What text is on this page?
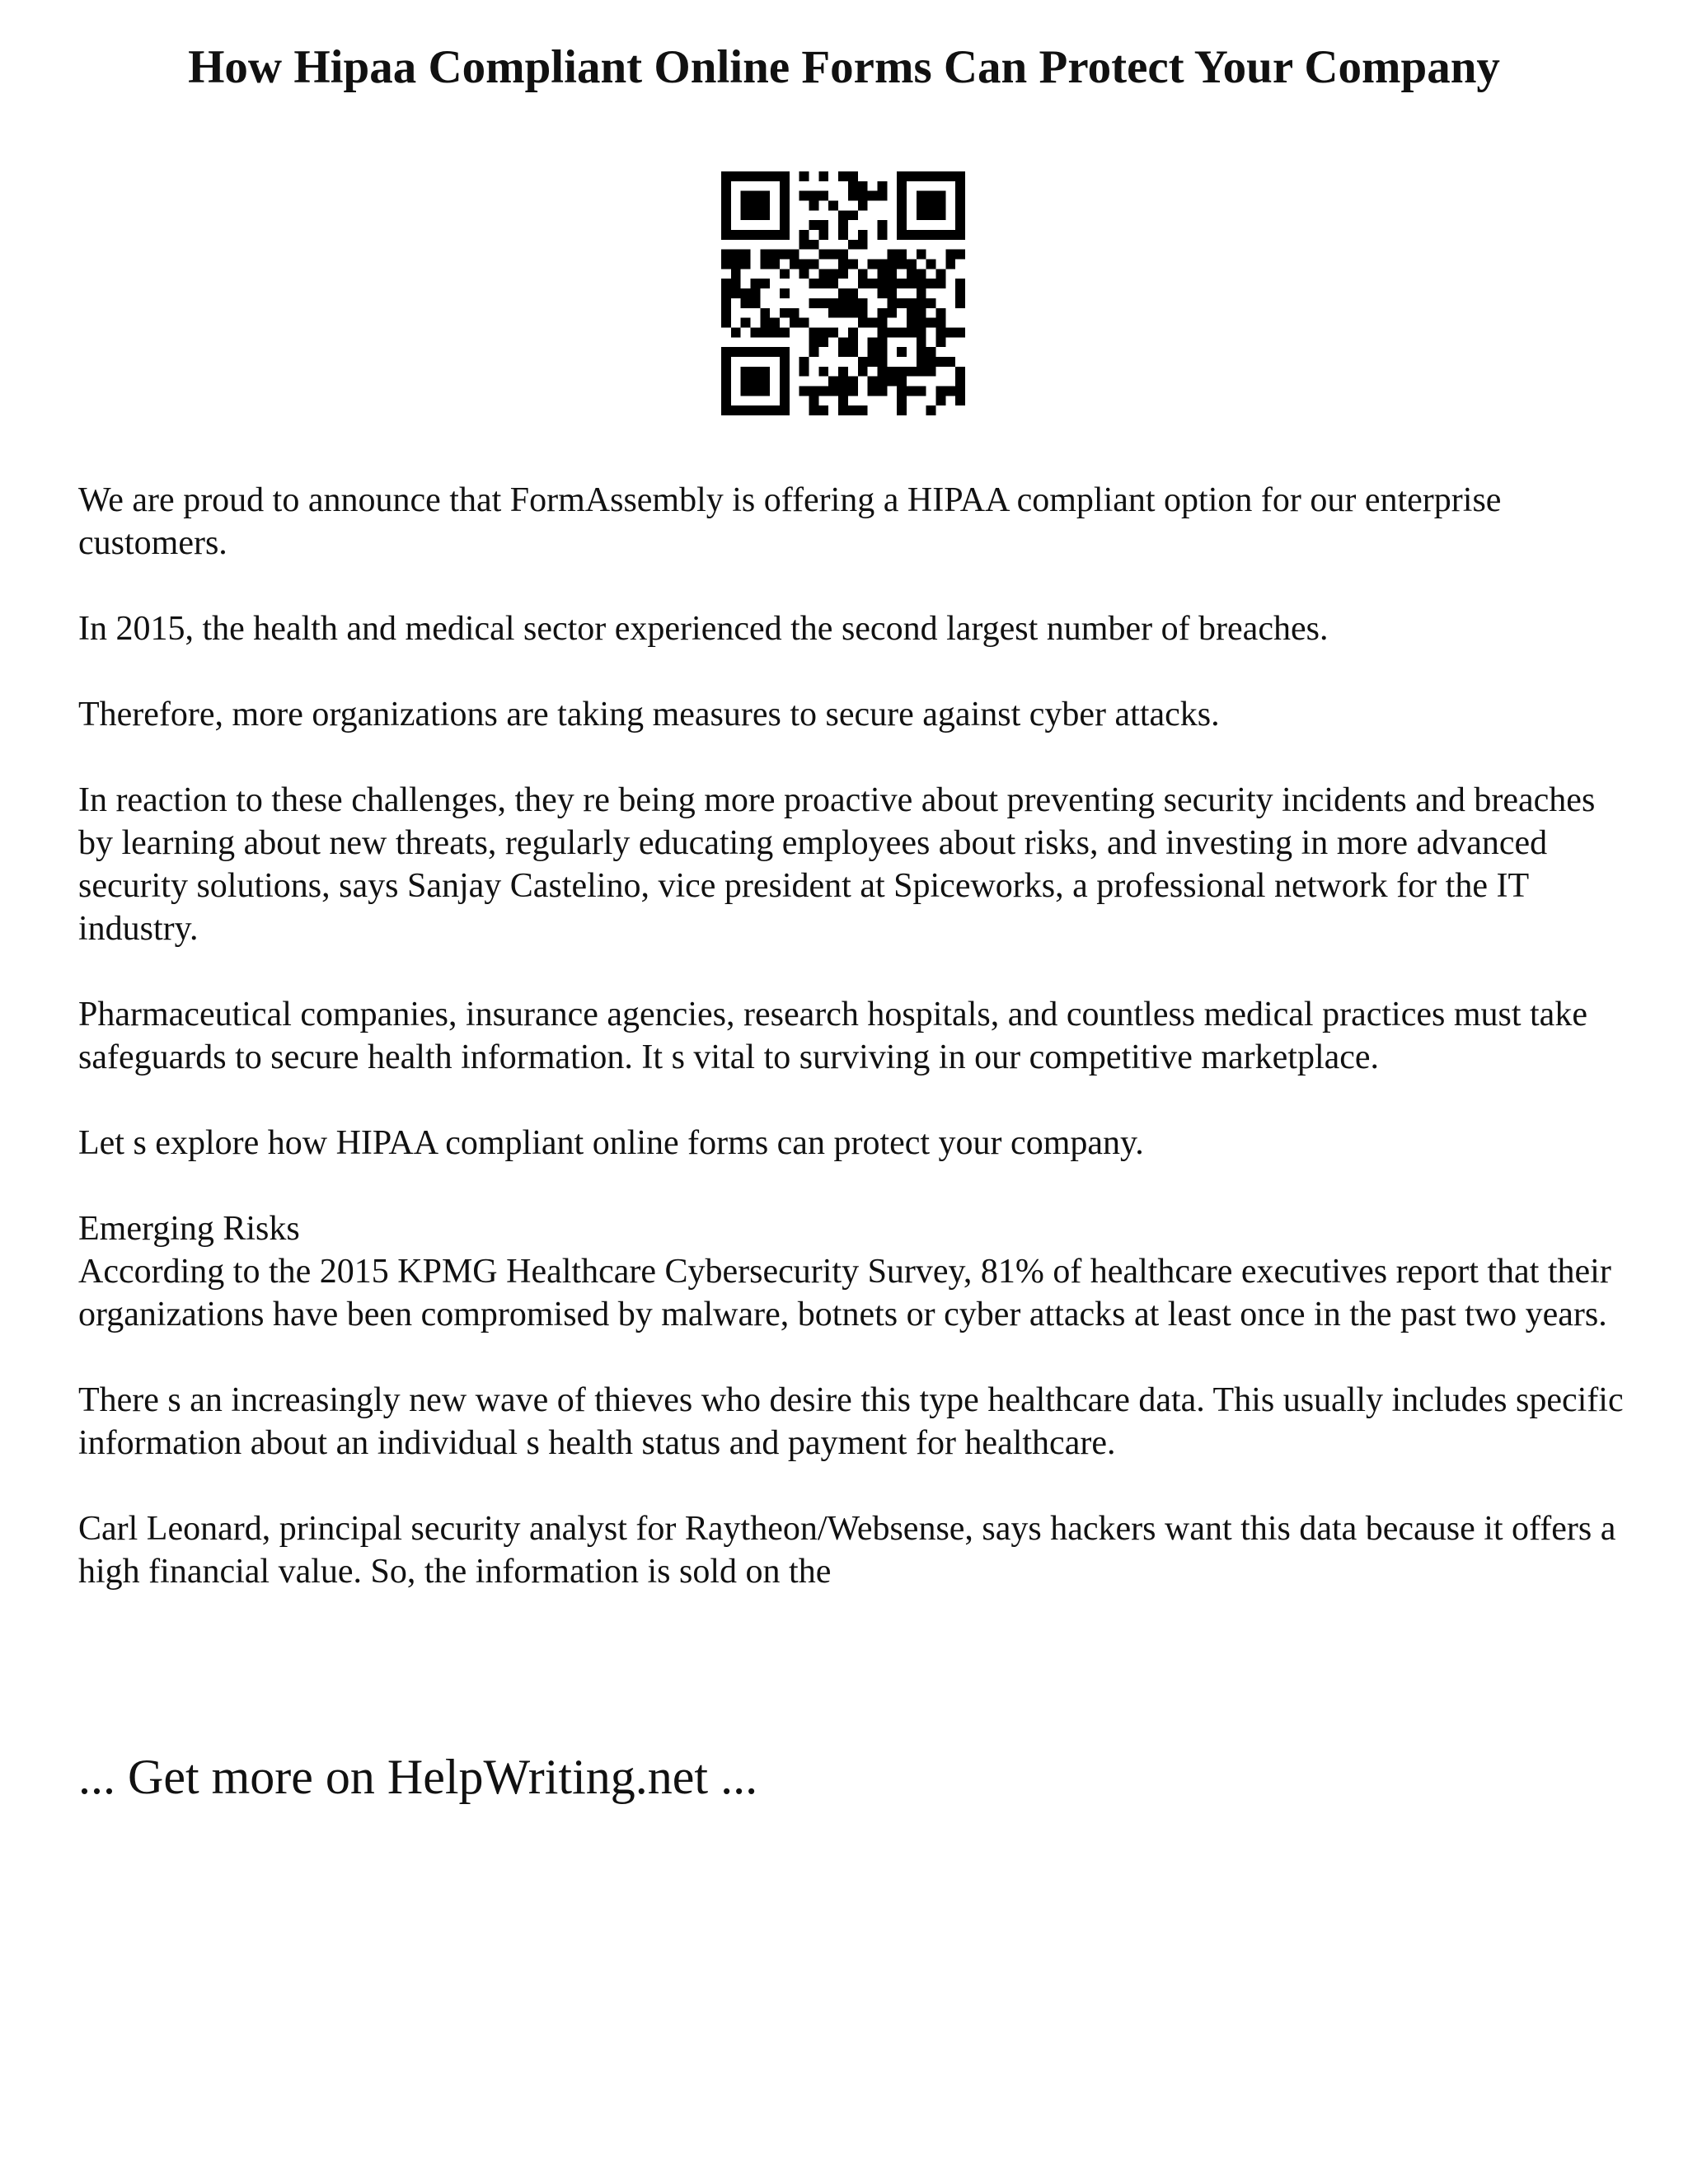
How Hipaa Compliant Online Forms Can Protect Your Company

We are proud to announce that FormAssembly is offering a HIPAA compliant option for our enterprise customers.

In 2015, the health and medical sector experienced the second largest number of breaches.

Therefore, more organizations are taking measures to secure against cyber attacks.

In reaction to these challenges, they re being more proactive about preventing security incidents and breaches by learning about new threats, regularly educating employees about risks, and investing in more advanced security solutions, says Sanjay Castelino, vice president at Spiceworks, a professional network for the IT industry.

Pharmaceutical companies, insurance agencies, research hospitals, and countless medical practices must take safeguards to secure health information. It s vital to surviving in our competitive marketplace.

Let s explore how HIPAA compliant online forms can protect your company.

Emerging Risks

According to the 2015 KPMG Healthcare Cybersecurity Survey, 81% of healthcare executives report that their organizations have been compromised by malware, botnets or cyber attacks at least once in the past two years.

There s an increasingly new wave of thieves who desire this type healthcare data. This usually includes specific information about an individual s health status and payment for healthcare.

Carl Leonard, principal security analyst for Raytheon/Websense, says hackers want this data because it offers a high financial value. So, the information is sold on the

... Get more on HelpWriting.net ...
